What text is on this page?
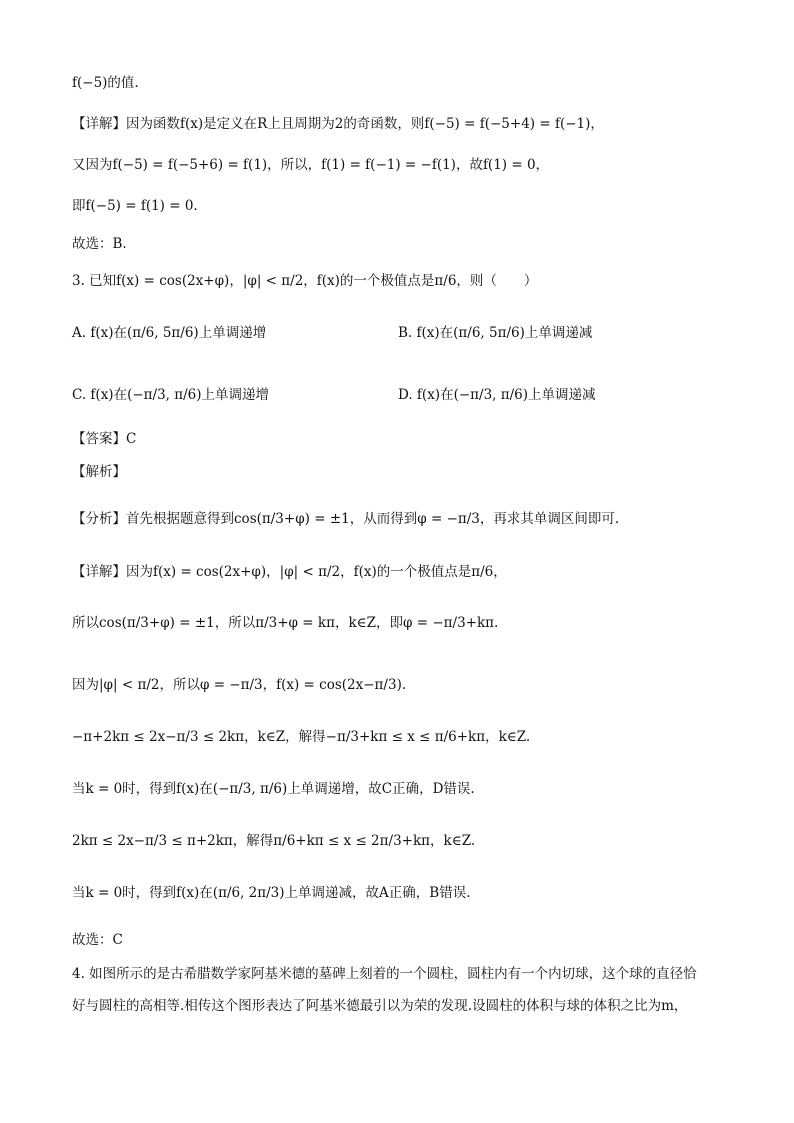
f(−5)的值.
【详解】因为函数f(x)是定义在R上且周期为2的奇函数，则f(−5) = f(−5+4) = f(−1)，
又因为f(−5) = f(−5+6) = f(1)，所以，f(1) = f(−1) = −f(1)，故f(1) = 0，
即f(−5) = f(1) = 0.
故选：B.
3. 已知f(x) = cos(2x+φ)，|φ| < π/2，f(x)的一个极值点是π/6，则（　　）
A. f(x)在(π/6, 5π/6)上单调递增	B. f(x)在(π/6, 5π/6)上单调递减
C. f(x)在(−π/3, π/6)上单调递增	D. f(x)在(−π/3, π/6)上单调递减
【答案】C
【解析】
【分析】首先根据题意得到cos(π/3+φ) = ±1，从而得到φ = −π/3，再求其单调区间即可.
【详解】因为f(x) = cos(2x+φ)，|φ| < π/2，f(x)的一个极值点是π/6，
所以cos(π/3+φ) = ±1，所以π/3+φ = kπ，k∈Z，即φ = −π/3+kπ.
因为|φ| < π/2，所以φ = −π/3，f(x) = cos(2x−π/3).
−π+2kπ ≤ 2x−π/3 ≤ 2kπ，k∈Z，解得−π/3+kπ ≤ x ≤ π/6+kπ，k∈Z.
当k = 0时，得到f(x)在(−π/3, π/6)上单调递增，故C正确，D错误.
2kπ ≤ 2x−π/3 ≤ π+2kπ，解得π/6+kπ ≤ x ≤ 2π/3+kπ，k∈Z.
当k = 0时，得到f(x)在(π/6, 2π/3)上单调递减，故A正确，B错误.
故选：C
4. 如图所示的是古希腊数学家阿基米德的墓碑上刻着的一个圆柱，圆柱内有一个内切球，这个球的直径恰
好与圆柱的高相等.相传这个图形表达了阿基米德最引以为荣的发现.设圆柱的体积与球的体积之比为m，
